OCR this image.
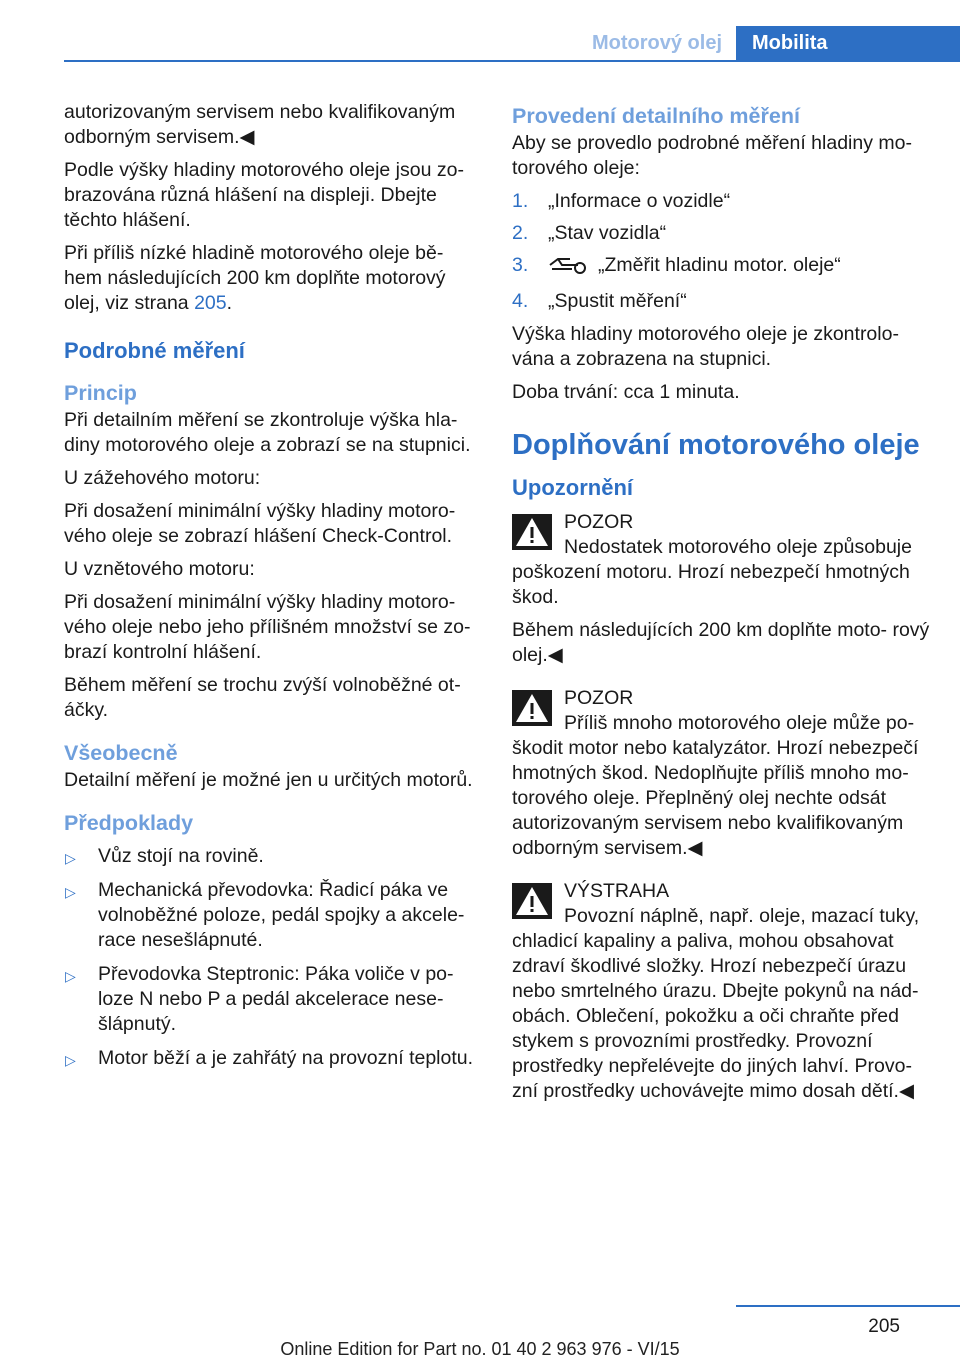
Motorový olej	Mobilita

autorizovaným servisem nebo kvalifikovaným odborným servisem.◀

Podle výšky hladiny motorového oleje jsou zo‐ brazována různá hlášení na displeji. Dbejte těchto hlášení.

Při příliš nízké hladině motorového oleje bě‐ hem následujících 200 km doplňte motorový olej, viz strana 205.

Podrobné měření
Princip

Při detailním měření se zkontroluje výška hla‐ diny motorového oleje a zobrazí se na stupnici.

U zážehového motoru:

Při dosažení minimální výšky hladiny motoro‐ vého oleje se zobrazí hlášení Check-Control.

U vznětového motoru:

Při dosažení minimální výšky hladiny motoro‐ vého oleje nebo jeho přílišném množství se zo‐ brazí kontrolní hlášení.

Během měření se trochu zvýší volnoběžné ot‐ áčky.

Všeobecně

Detailní měření je možné jen u určitých motorů.

Předpoklady
▷ Vůz stojí na rovině.
▷ Mechanická převodovka: Řadicí páka ve volnoběžné poloze, pedál spojky a akcele‐ race nesešlápnuté.
▷ Převodovka Steptronic: Páka voliče v po‐ loze N nebo P a pedál akcelerace nese‐ šlápnutý.
▷ Motor běží a je zahřátý na provozní teplotu.
Provedení detailního měření

Aby se provedlo podrobné měření hladiny mo‐ torového oleje:

1. „Informace o vozidle“
2. „Stav vozidla“
3.	„Změřit hladinu motor. oleje“
4. „Spustit měření“

Výška hladiny motorového oleje je zkontrolo‐ vána a zobrazena na stupnici.

Doba trvání: cca 1 minuta.

Doplňování motorového oleje
Upozornění
POZOR

Nedostatek motorového oleje způsobuje poškození motoru. Hrozí nebezpečí hmotných škod.

Během následujících 200 km doplňte moto‐ rový olej.◀

POZOR

Příliš mnoho motorového oleje může po‐ škodit motor nebo katalyzátor. Hrozí nebezpečí hmotných škod. Nedoplňujte příliš mnoho mo‐ torového oleje. Přeplněný olej nechte odsát autorizovaným servisem nebo kvalifikovaným odborným servisem.◀

VÝSTRAHA

Povozní náplně, např. oleje, mazací tuky, chladicí kapaliny a paliva, mohou obsahovat zdraví škodlivé složky. Hrozí nebezpečí úrazu nebo smrtelného úrazu. Dbejte pokynů na nád‐ obách. Oblečení, pokožku a oči chraňte před stykem s provozními prostředky. Provozní prostředky nepřelévejte do jiných lahví. Provo‐ zní prostředky uchovávejte mimo dosah dětí.◀

205
Online Edition for Part no. 01 40 2 963 976 - VI/15
